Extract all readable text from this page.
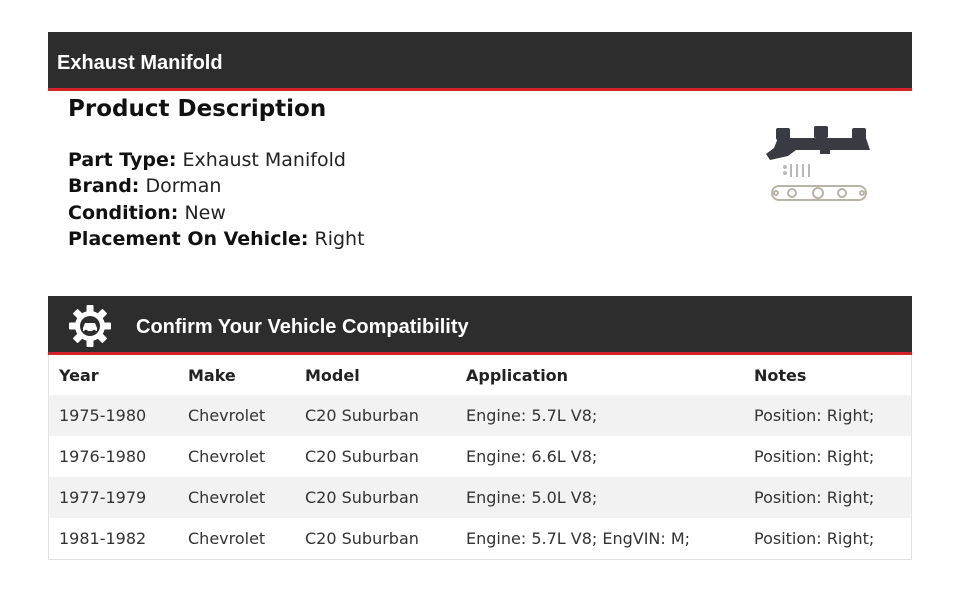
Exhaust Manifold
Product Description
Part Type: Exhaust Manifold
Brand: Dorman
Condition: New
Placement On Vehicle: Right
Confirm Your Vehicle Compatibility
Year	Make	Model	Application	Notes
1975-1980	Chevrolet	C20 Suburban	Engine: 5.7L V8;	Position: Right;
1976-1980	Chevrolet	C20 Suburban	Engine: 6.6L V8;	Position: Right;
1977-1979	Chevrolet	C20 Suburban	Engine: 5.0L V8;	Position: Right;
1981-1982	Chevrolet	C20 Suburban	Engine: 5.7L V8; EngVIN: M;	Position: Right;
